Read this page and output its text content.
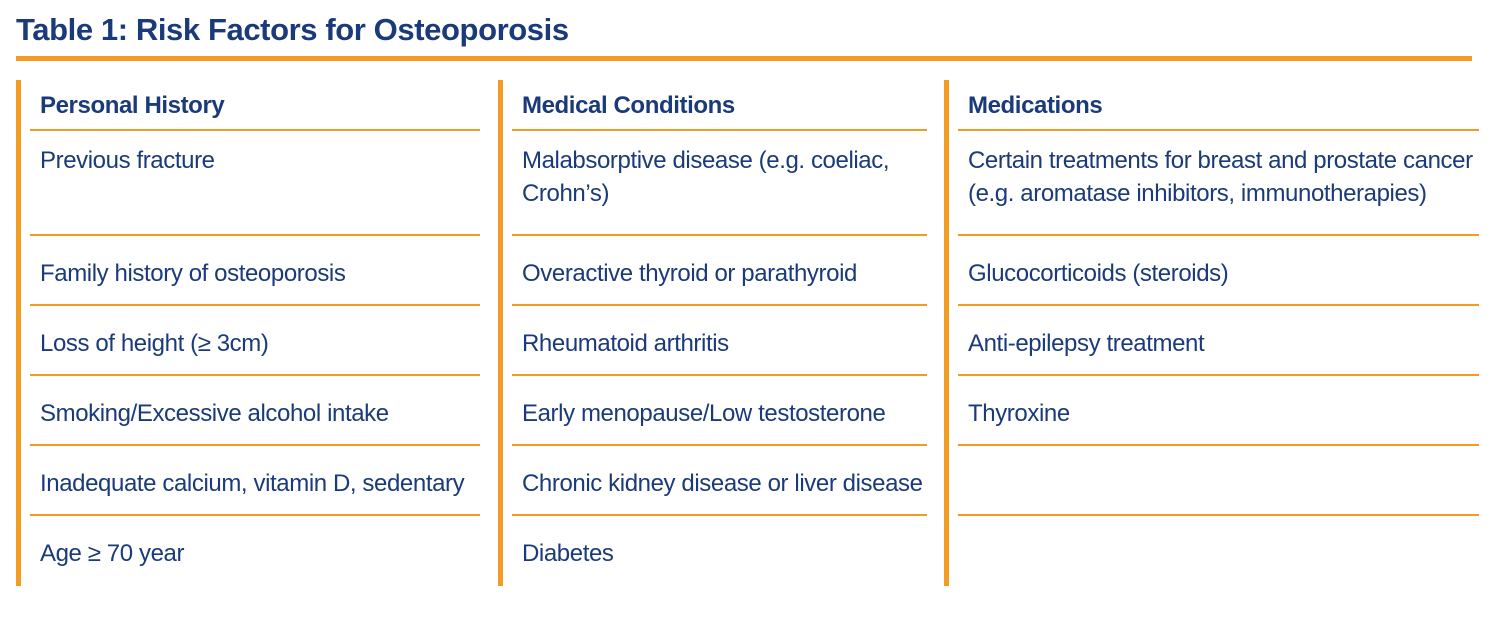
Table 1: Risk Factors for Osteoporosis
Personal History
Previous fracture
Family history of osteoporosis
Loss of height (≥ 3cm)
Smoking/Excessive alcohol intake
Inadequate calcium, vitamin D, sedentary
Age ≥ 70 year
Medical Conditions
Malabsorptive disease (e.g. coeliac,
Crohn’s)
Overactive thyroid or parathyroid
Rheumatoid arthritis
Early menopause/Low testosterone
Chronic kidney disease or liver disease
Diabetes
Medications
Certain treatments for breast and prostate cancer
(e.g. aromatase inhibitors, immunotherapies)
Glucocorticoids (steroids)
Anti-epilepsy treatment
Thyroxine
